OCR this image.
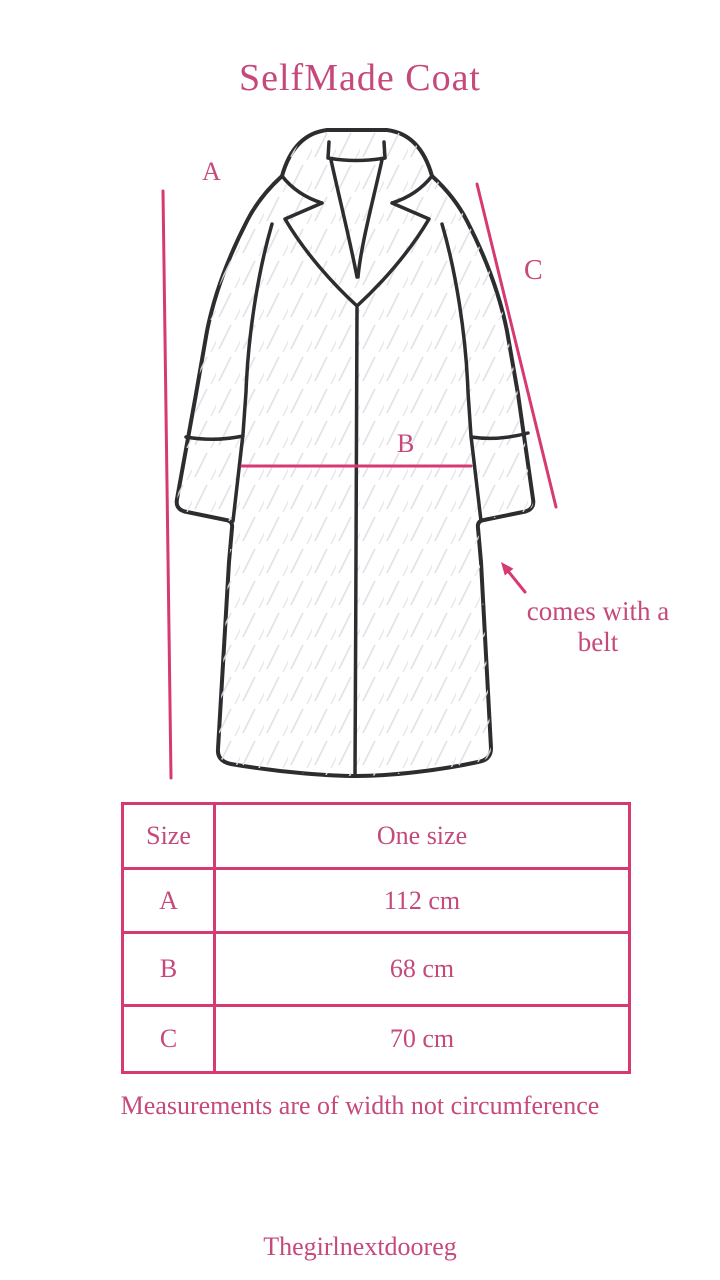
SelfMade Coat
A
B
C
comes with a
belt
Size	One size
A	112 cm
B	68 cm
C	70 cm
Measurements are of width not circumference
Thegirlnextdooreg
